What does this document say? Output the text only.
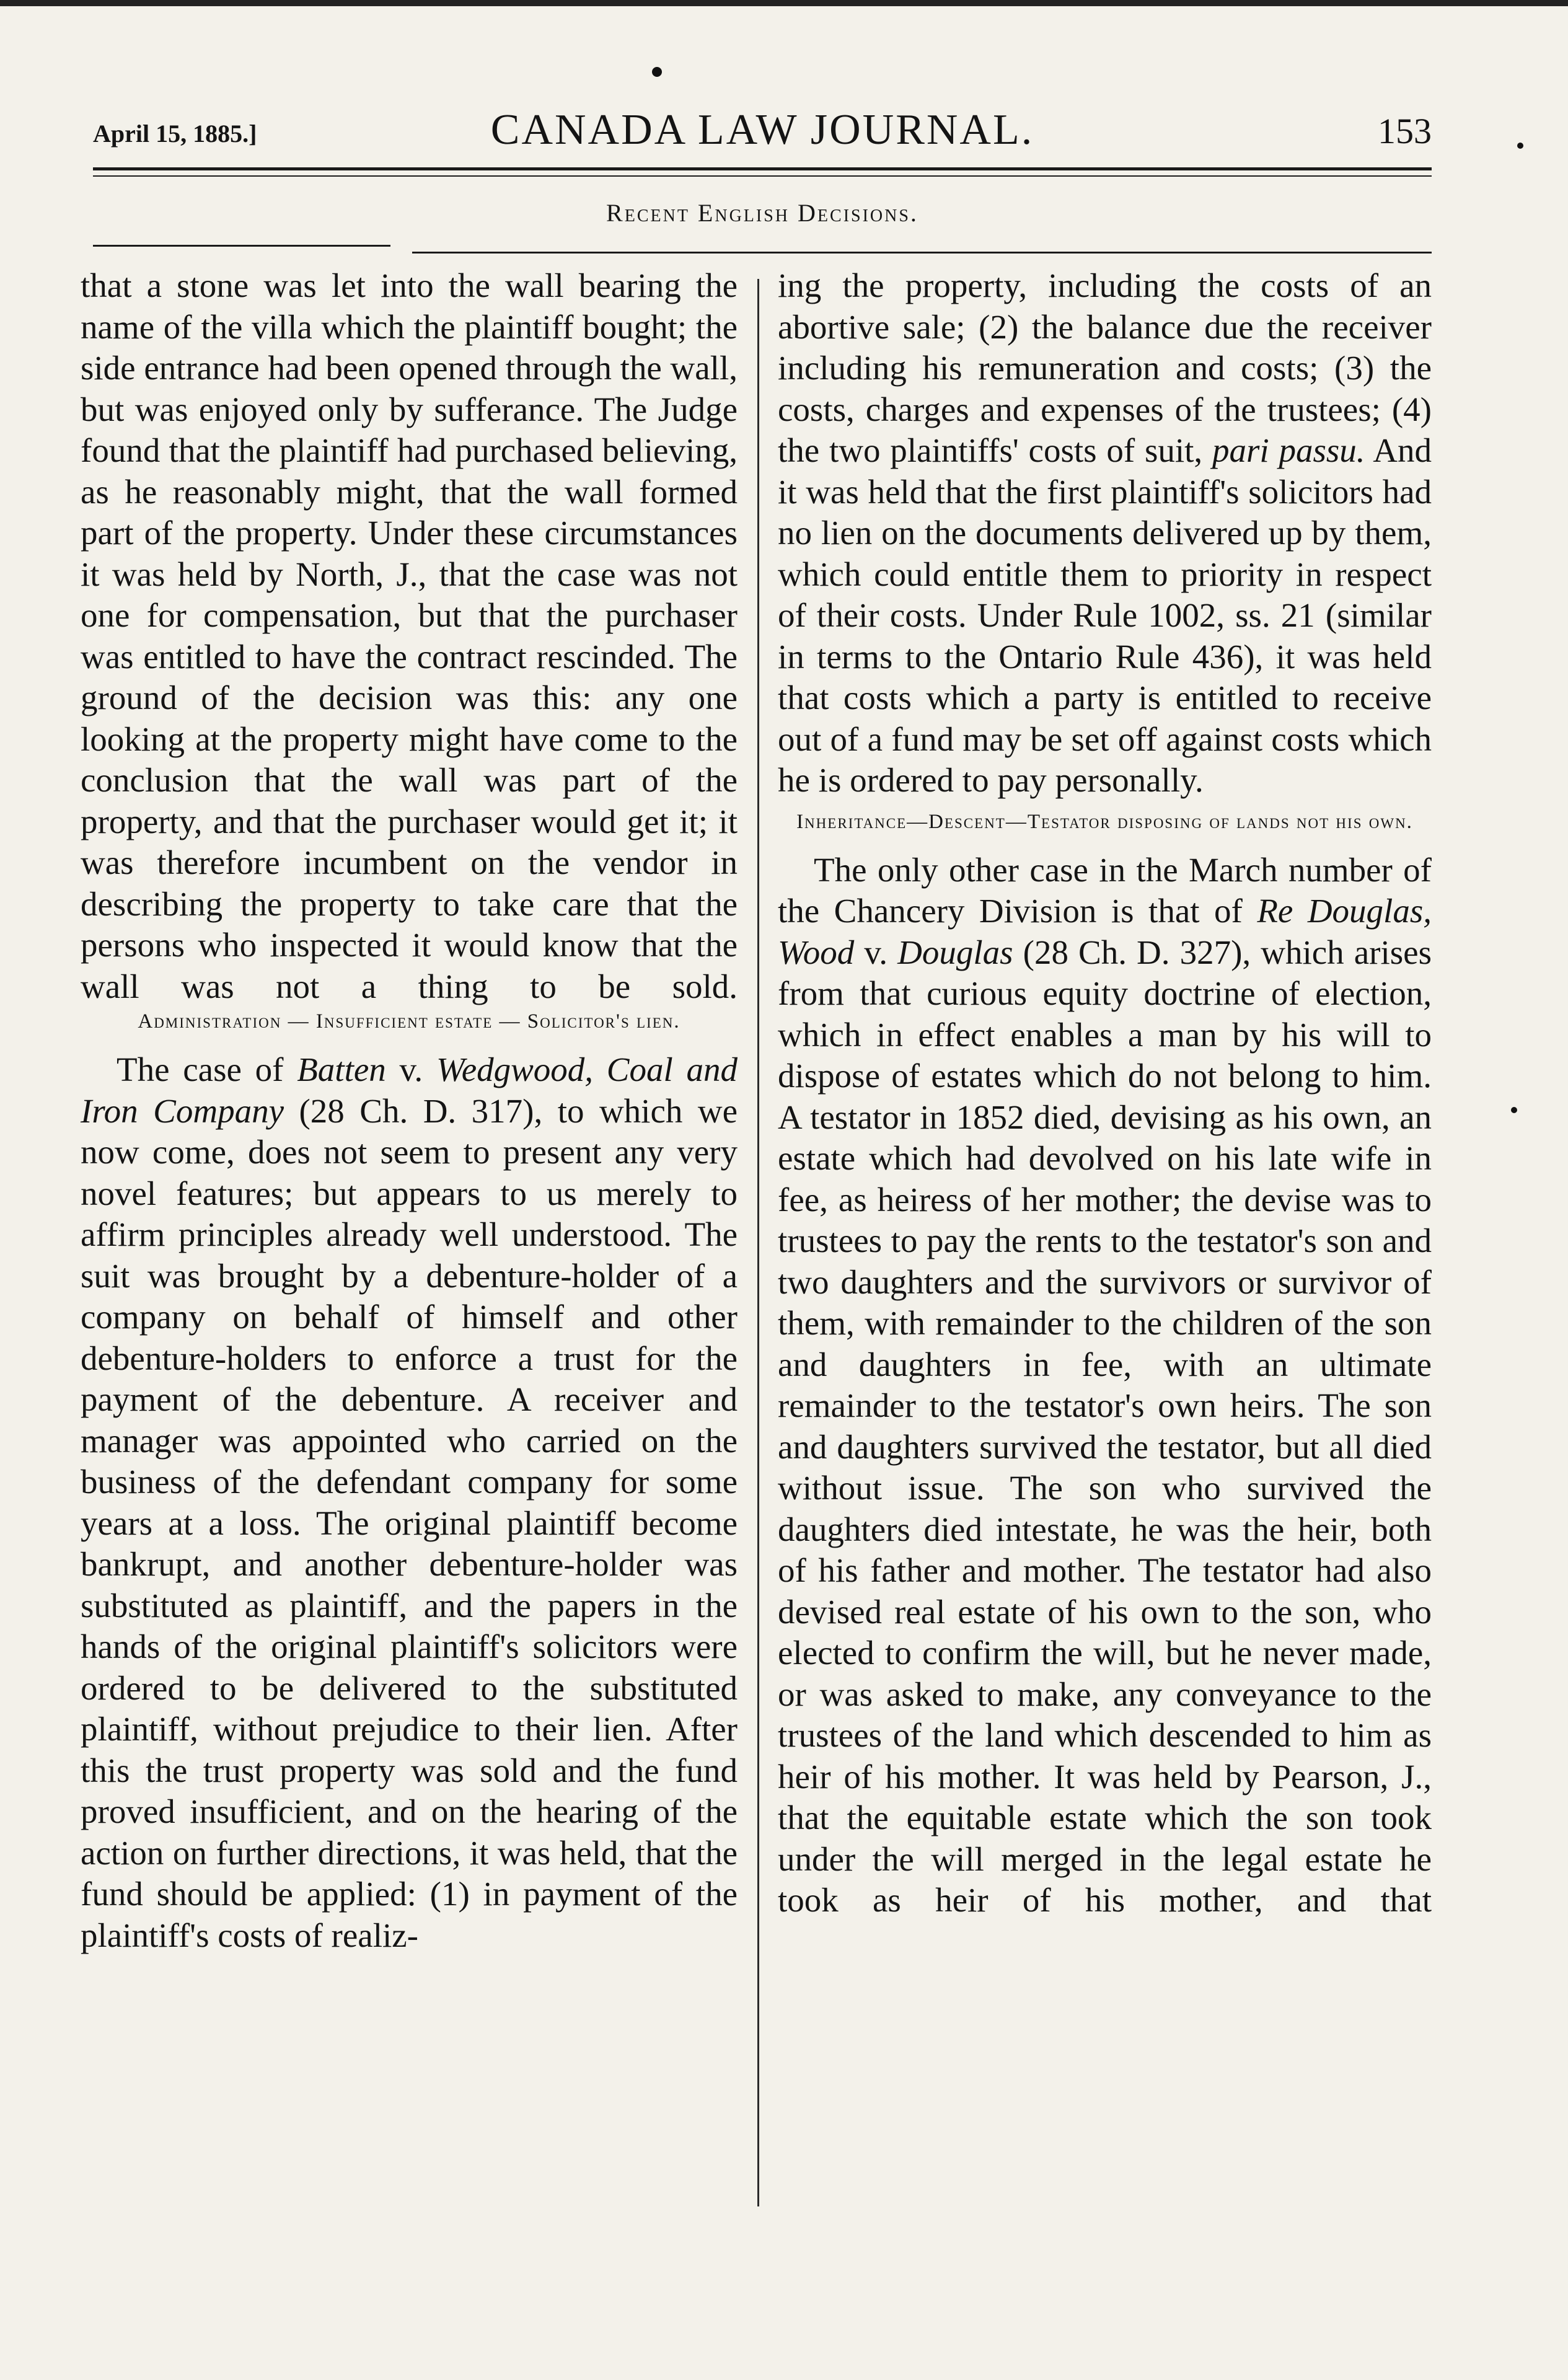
April 15, 1885.]	CANADA LAW JOURNAL.	153
Recent English Decisions.

that a stone was let into the wall bearing the name of the villa which the plaintiff bought; the side entrance had been opened through the wall, but was enjoyed only by sufferance. The Judge found that the plaintiff had purchased believing, as he reasonably might, that the wall formed part of the property. Under these circumstances it was held by North, J., that the case was not one for compensation, but that the purchaser was entitled to have the contract rescinded. The ground of the decision was this: any one looking at the property might have come to the conclusion that the wall was part of the property, and that the purchaser would get it; it was therefore incumbent on the vendor in describing the property to take care that the persons who inspected it would know that the wall was not a thing to be sold.

Administration — Insufficient estate — Solicitor's lien.

The case of Batten v. Wedgwood, Coal and Iron Company (28 Ch. D. 317), to which we now come, does not seem to present any very novel features; but appears to us merely to affirm principles already well understood. The suit was brought by a debenture-holder of a company on behalf of himself and other debenture-holders to enforce a trust for the payment of the debenture. A receiver and manager was appointed who carried on the business of the defendant company for some years at a loss. The original plaintiff become bankrupt, and another debenture-holder was substituted as plaintiff, and the papers in the hands of the original plaintiff's solicitors were ordered to be delivered to the substituted plaintiff, without prejudice to their lien. After this the trust property was sold and the fund proved insufficient, and on the hearing of the action on further directions, it was held, that the fund should be applied: (1) in payment of the plaintiff's costs of realiz-

ing the property, including the costs of an abortive sale; (2) the balance due the receiver including his remuneration and costs; (3) the costs, charges and expenses of the trustees; (4) the two plaintiffs' costs of suit, pari passu. And it was held that the first plaintiff's solicitors had no lien on the documents delivered up by them, which could entitle them to priority in respect of their costs. Under Rule 1002, ss. 21 (similar in terms to the Ontario Rule 436), it was held that costs which a party is entitled to receive out of a fund may be set off against costs which he is ordered to pay personally.

Inheritance—Descent—Testator disposing of lands not his own.

The only other case in the March number of the Chancery Division is that of Re Douglas, Wood v. Douglas (28 Ch. D. 327), which arises from that curious equity doctrine of election, which in effect enables a man by his will to dispose of estates which do not belong to him. A testator in 1852 died, devising as his own, an estate which had devolved on his late wife in fee, as heiress of her mother; the devise was to trustees to pay the rents to the testator's son and two daughters and the survivors or survivor of them, with remainder to the children of the son and daughters in fee, with an ultimate remainder to the testator's own heirs. The son and daughters survived the testator, but all died without issue. The son who survived the daughters died intestate, he was the heir, both of his father and mother. The testator had also devised real estate of his own to the son, who elected to confirm the will, but he never made, or was asked to make, any conveyance to the trustees of the land which descended to him as heir of his mother. It was held by Pearson, J., that the equitable estate which the son took under the will merged in the legal estate he took as heir of his mother, and that
